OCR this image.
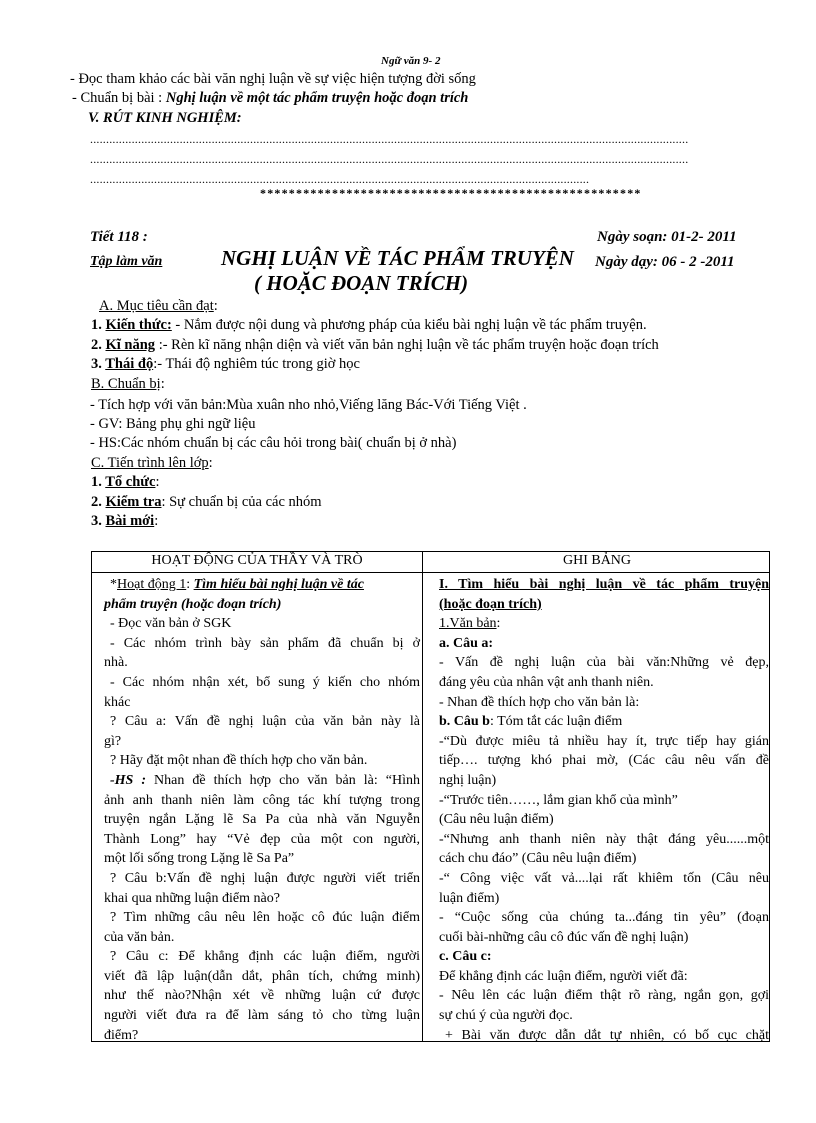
Ngữ văn 9- 2
- Đọc tham khảo các bài văn nghị luận về sự việc hiện tượng đời sống
- Chuẩn bị bài : Nghị luận về một tác phẩm truyện hoặc đoạn trích
V. RÚT KINH NGHIỆM:
...........................................................................................................................................................................................
...........................................................................................................................................................................................
............................................................................................................................................................
*****************************************************
Tiết 118 :
Tập làm văn	NGHỊ LUẬN VỀ TÁC PHẨM TRUYỆN
( HOẶC ĐOẠN TRÍCH)
Ngày soạn: 01-2- 2011
Ngày dạy: 06 - 2 -2011
A. Mục tiêu cần đạt:
1. Kiến thức: - Nắm được nội dung và phương pháp của kiểu bài nghị luận về tác phẩm truyện.
2. Kĩ năng :- Rèn kĩ năng nhận diện và viết văn bản nghị luận về tác phẩm truyện hoặc đoạn trích
3. Thái độ:- Thái độ nghiêm túc trong giờ học
B. Chuẩn bị:
- Tích hợp với văn bản:Mùa xuân nho nhỏ,Viếng lăng Bác-Với Tiếng Việt .
- GV: Bảng phụ ghi ngữ liệu
- HS:Các nhóm chuẩn bị các câu hỏi trong bài( chuẩn bị ở nhà)
C. Tiến trình lên lớp:
1. Tổ chức:
2. Kiểm tra: Sự chuẩn bị của các nhóm
3. Bài mới:
HOẠT ĐỘNG CỦA THẦY VÀ TRÒ	GHI BẢNG
*Hoạt động 1: Tìm hiểu bài nghị luận về tác
phẩm truyện (hoặc đoạn trích)
- Đọc văn bản ở SGK
- Các nhóm trình bày sản phẩm đã chuẩn bị ở
nhà.
- Các nhóm nhận xét, bổ sung ý kiến cho nhóm
khác
? Câu a: Vấn đề nghị luận của văn bản này là
gì?
? Hãy đặt một nhan đề thích hợp cho văn bản.
-HS : Nhan đề thích hợp cho văn bản là: “Hình
ảnh anh thanh niên làm công tác khí tượng trong
truyện ngắn Lặng lẽ Sa Pa của nhà văn Nguyễn
Thành Long” hay “Vẻ đẹp của một con người,
một lối sống trong Lặng lẽ Sa Pa”
? Câu b:Vấn đề nghị luận được người viết triển
khai qua những luận điểm nào?
? Tìm những câu nêu lên hoặc cô đúc luận điểm
của văn bản.
? Câu c: Để khẳng định các luận điểm, người
viết đã lập luận(dẫn dắt, phân tích, chứng minh)
như thế nào?Nhận xét về những luận cứ được
người viết đưa ra để làm sáng tỏ cho từng luận
điểm?
I. Tìm hiểu bài nghị luận về tác phẩm truyện
(hoặc đoạn trích)
1.Văn bản:
a. Câu a:
- Vấn đề nghị luận của bài văn:Những vẻ đẹp,
đáng yêu của nhân vật anh thanh niên.
- Nhan đề thích hợp cho văn bản là:
b. Câu b: Tóm tắt các luận điểm
-“Dù được miêu tả nhiều hay ít, trực tiếp hay gián
tiếp…. tượng khó phai mờ, (Các câu nêu vấn đề
nghị luận)
-“Trước tiên……, lắm gian khổ của mình”
(Câu nêu luận điểm)
-“Nhưng anh thanh niên này thật đáng yêu......một
cách chu đáo” (Câu nêu luận điểm)
-“ Công việc vất vả....lại rất khiêm tốn (Câu nêu
luận điểm)
- “Cuộc sống của chúng ta...đáng tin yêu” (đoạn
cuối bài-những câu cô đúc vấn đề nghị luận)
c. Câu c:
Để khẳng định các luận điểm, người viết đã:
- Nêu lên các luận điểm thật rõ ràng, ngắn gọn, gợi
sự chú ý của người đọc.
+ Bài văn được dẫn dắt tự nhiên, có bố cục chặt
